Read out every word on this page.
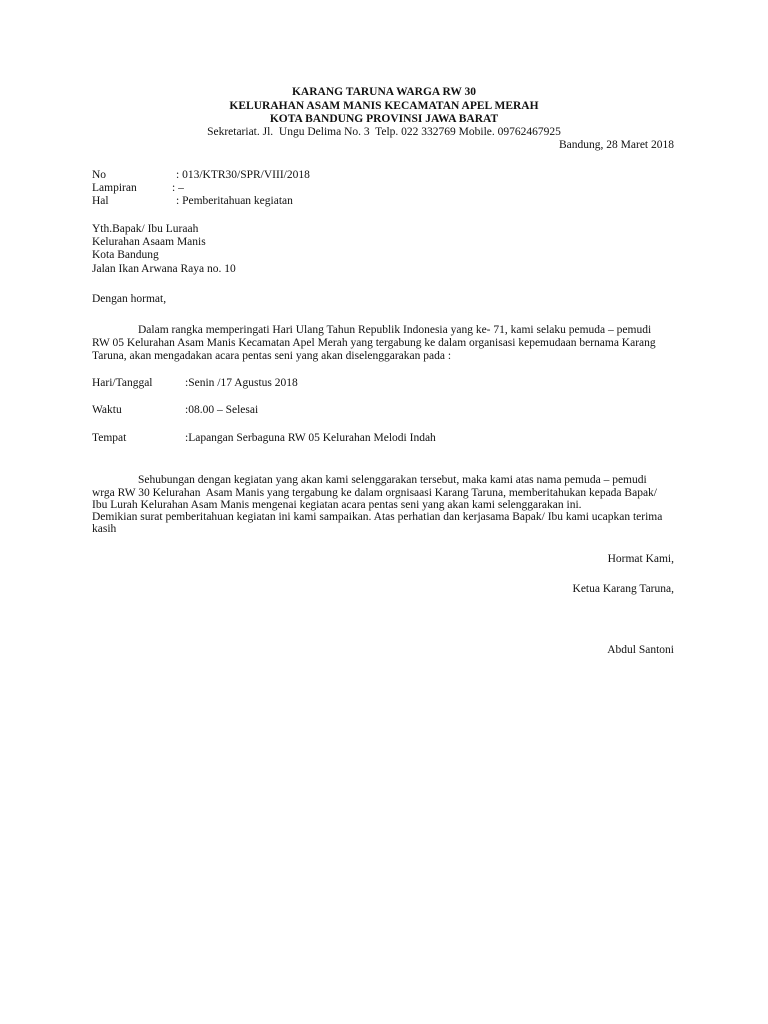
KARANG TARUNA WARGA RW 30
KELURAHAN ASAM MANIS KECAMATAN APEL MERAH
KOTA BANDUNG PROVINSI JAWA BARAT
Sekretariat. Jl.  Ungu Delima No. 3  Telp. 022 332769 Mobile. 09762467925
Bandung, 28 Maret 2018
No	: 013/KTR30/SPR/VIII/2018
Lampiran	: –
Hal	: Pemberitahuan kegiatan
Yth.Bapak/ Ibu Luraah
Kelurahan Asaam Manis
Kota Bandung
Jalan Ikan Arwana Raya no. 10
Dengan hormat,
Dalam rangka memperingati Hari Ulang Tahun Republik Indonesia yang ke- 71, kami selaku pemuda – pemudi
RW 05 Kelurahan Asam Manis Kecamatan Apel Merah yang tergabung ke dalam organisasi kepemudaan bernama Karang
Taruna, akan mengadakan acara pentas seni yang akan diselenggarakan pada :
Hari/Tanggal	:Senin /17 Agustus 2018
Waktu	:08.00 – Selesai
Tempat	:Lapangan Serbaguna RW 05 Kelurahan Melodi Indah
Sehubungan dengan kegiatan yang akan kami selenggarakan tersebut, maka kami atas nama pemuda – pemudi
wrga RW 30 Kelurahan  Asam Manis yang tergabung ke dalam orgnisaasi Karang Taruna, memberitahukan kepada Bapak/
Ibu Lurah Kelurahan Asam Manis mengenai kegiatan acara pentas seni yang akan kami selenggarakan ini.
Demikian surat pemberitahuan kegiatan ini kami sampaikan. Atas perhatian dan kerjasama Bapak/ Ibu kami ucapkan terima
kasih
Hormat Kami,
Ketua Karang Taruna,
Abdul Santoni
